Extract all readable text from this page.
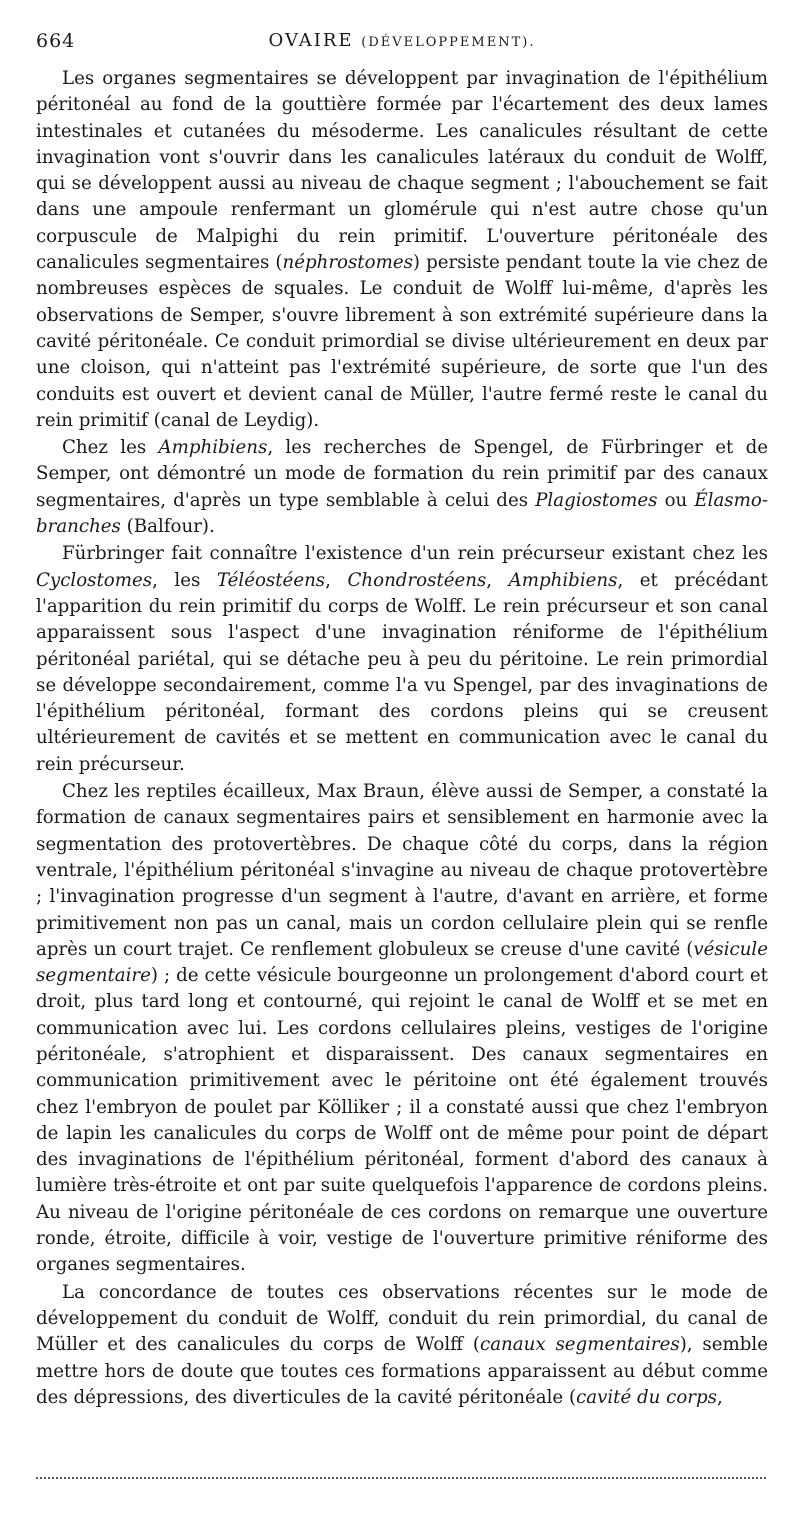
664	OVAIRE (DÉVELOPPEMENT).

Les organes segmentaires se développent par invagination de l'épithélium péritonéal au fond de la gouttière formée par l'écartement des deux lames intestinales et cutanées du mésoderme. Les canalicules résultant de cette invagination vont s'ouvrir dans les canalicules latéraux du conduit de Wolff, qui se développent aussi au niveau de chaque segment ; l'abouchement se fait dans une ampoule renfermant un glomérule qui n'est autre chose qu'un corpuscule de Malpighi du rein primitif. L'ouverture péritonéale des canalicules segmentaires (néphrostomes) persiste pendant toute la vie chez de nombreuses espèces de squales. Le conduit de Wolff lui-même, d'après les observations de Semper, s'ouvre librement à son extrémité supérieure dans la cavité péritonéale. Ce conduit primordial se divise ultérieurement en deux par une cloison, qui n'atteint pas l'extrémité supérieure, de sorte que l'un des conduits est ouvert et devient canal de Müller, l'autre fermé reste le canal du rein primitif (canal de Leydig).

Chez les Amphibiens, les recherches de Spengel, de Fürbringer et de Semper, ont démontré un mode de formation du rein primitif par des canaux segmentaires, d'après un type semblable à celui des Plagiostomes ou Élasmo-branches (Balfour).

Fürbringer fait connaître l'existence d'un rein précurseur existant chez les Cyclostomes, les Téléostéens, Chondrostéens, Amphibiens, et précédant l'apparition du rein primitif du corps de Wolff. Le rein précurseur et son canal apparaissent sous l'aspect d'une invagination réniforme de l'épithélium péritonéal pariétal, qui se détache peu à peu du péritoine. Le rein primordial se développe secondairement, comme l'a vu Spengel, par des invaginations de l'épithélium péritonéal, formant des cordons pleins qui se creusent ultérieurement de cavités et se mettent en communication avec le canal du rein précurseur.

Chez les reptiles écailleux, Max Braun, élève aussi de Semper, a constaté la formation de canaux segmentaires pairs et sensiblement en harmonie avec la segmentation des protovertèbres. De chaque côté du corps, dans la région ventrale, l'épithélium péritonéal s'invagine au niveau de chaque protovertèbre ; l'invagination progresse d'un segment à l'autre, d'avant en arrière, et forme primitivement non pas un canal, mais un cordon cellulaire plein qui se renfle après un court trajet. Ce renflement globuleux se creuse d'une cavité (vésicule segmentaire) ; de cette vésicule bourgeonne un prolongement d'abord court et droit, plus tard long et contourné, qui rejoint le canal de Wolff et se met en communication avec lui. Les cordons cellulaires pleins, vestiges de l'origine péritonéale, s'atrophient et disparaissent. Des canaux segmentaires en communication primitivement avec le péritoine ont été également trouvés chez l'embryon de poulet par Kölliker ; il a constaté aussi que chez l'embryon de lapin les canalicules du corps de Wolff ont de même pour point de départ des invaginations de l'épithélium péritonéal, forment d'abord des canaux à lumière très-étroite et ont par suite quelquefois l'apparence de cordons pleins. Au niveau de l'origine péritonéale de ces cordons on remarque une ouverture ronde, étroite, difficile à voir, vestige de l'ouverture primitive réniforme des organes segmentaires.

La concordance de toutes ces observations récentes sur le mode de développement du conduit de Wolff, conduit du rein primordial, du canal de Müller et des canalicules du corps de Wolff (canaux segmentaires), semble mettre hors de doute que toutes ces formations apparaissent au début comme des dépressions, des diverticules de la cavité péritonéale (cavité du corps,
